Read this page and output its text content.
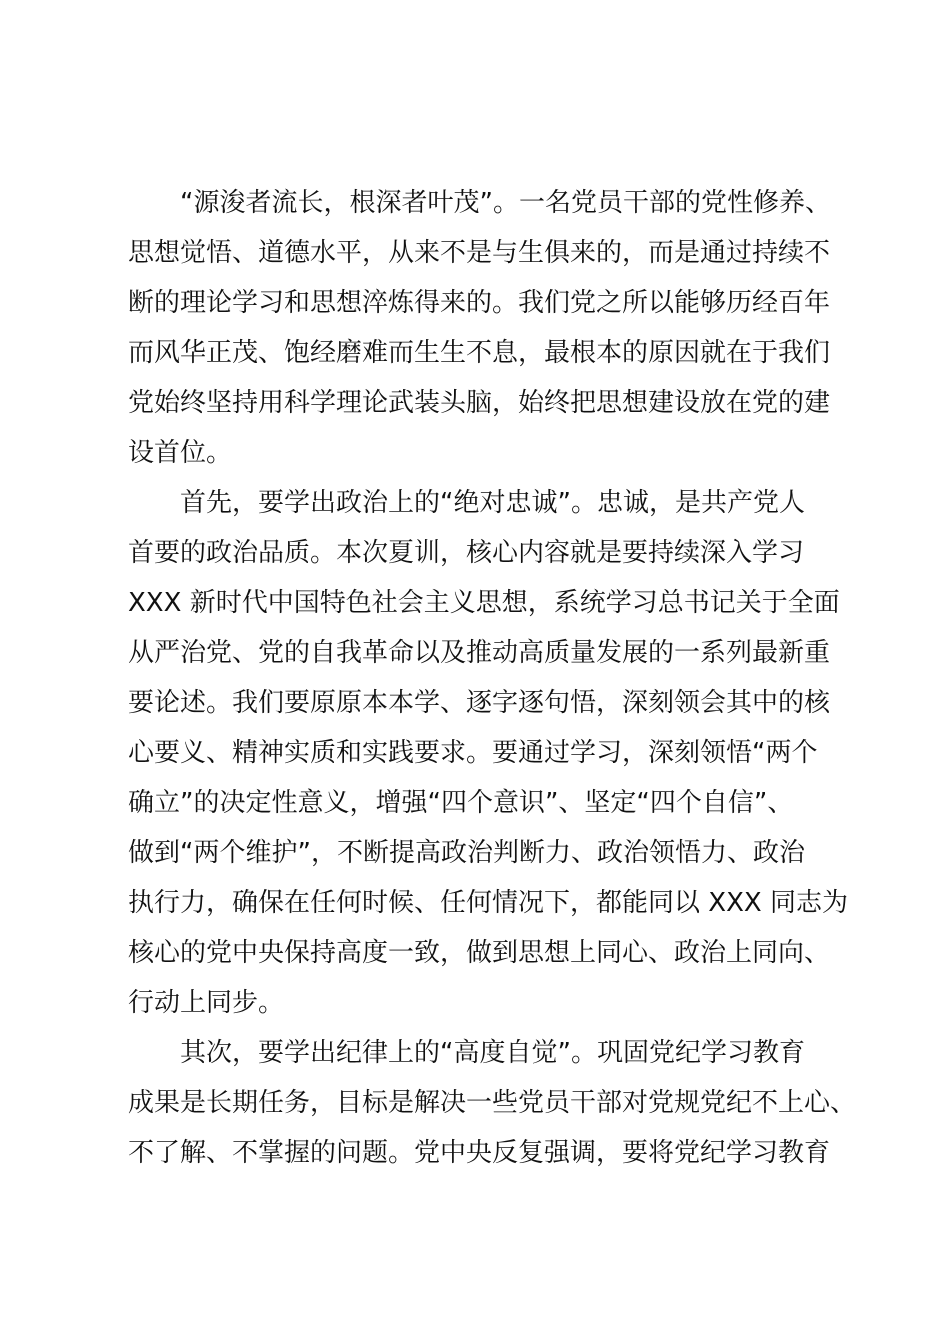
“源浚者流长，根深者叶茂”。一名党员干部的党性修养、
思想觉悟、道德水平，从来不是与生俱来的，而是通过持续不
断的理论学习和思想淬炼得来的。我们党之所以能够历经百年
而风华正茂、饱经磨难而生生不息，最根本的原因就在于我们
党始终坚持用科学理论武装头脑，始终把思想建设放在党的建
设首位。
首先，要学出政治上的“绝对忠诚”。忠诚，是共产党人
首要的政治品质。本次夏训，核心内容就是要持续深入学习
XXX 新时代中国特色社会主义思想，系统学习总书记关于全面
从严治党、党的自我革命以及推动高质量发展的一系列最新重
要论述。我们要原原本本学、逐字逐句悟，深刻领会其中的核
心要义、精神实质和实践要求。要通过学习，深刻领悟“两个
确立”的决定性意义，增强“四个意识”、坚定“四个自信”、
做到“两个维护”，不断提高政治判断力、政治领悟力、政治
执行力，确保在任何时候、任何情况下，都能同以 XXX 同志为
核心的党中央保持高度一致，做到思想上同心、政治上同向、
行动上同步。
其次，要学出纪律上的“高度自觉”。巩固党纪学习教育
成果是长期任务，目标是解决一些党员干部对党规党纪不上心、
不了解、不掌握的问题。党中央反复强调，要将党纪学习教育
